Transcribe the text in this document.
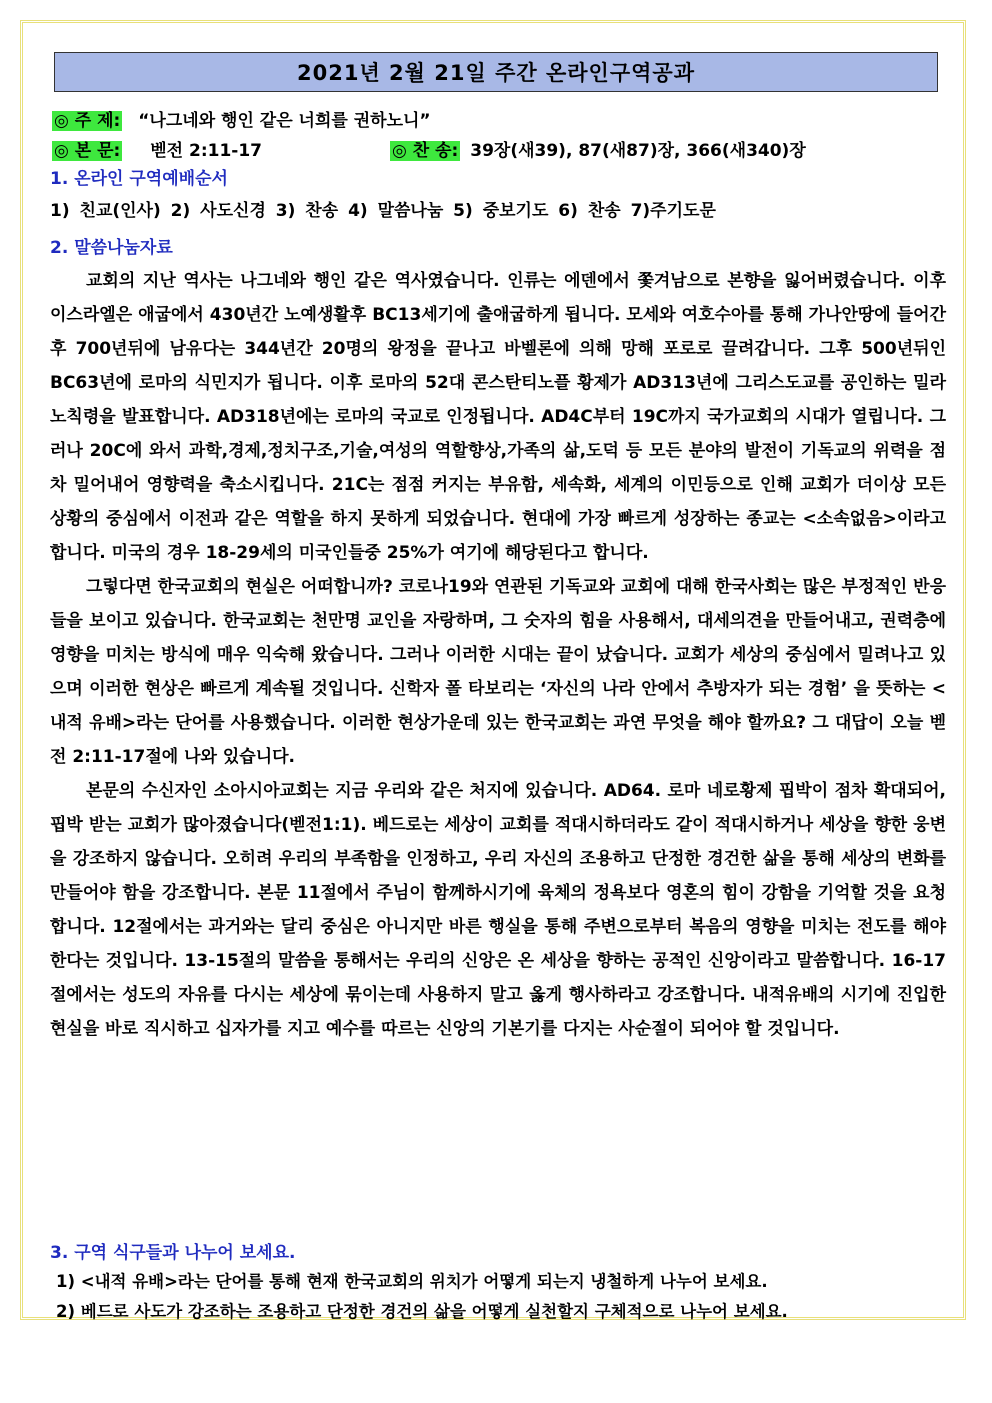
2021년 2월 21일 주간 온라인구역공과
◎ 주 제: “나그네와 행인 같은 너희를 권하노니”
◎ 본 문: 벧전 2:11-17	◎ 찬 송: 39장(새39), 87(새87)장, 366(새340)장
1. 온라인 구역예배순서
1) 친교(인사) 2) 사도신경 3) 찬송 4) 말씀나눔 5) 중보기도 6) 찬송 7)주기도문
2. 말씀나눔자료

교회의 지난 역사는 나그네와 행인 같은 역사였습니다. 인류는 에덴에서 쫓겨남으로 본향을 잃어버렸습니다. 이후 이스라엘은 애굽에서 430년간 노예생활후 BC13세기에 출애굽하게 됩니다. 모세와 여호수아를 통해 가나안땅에 들어간 후 700년뒤에 남유다는 344년간 20명의 왕정을 끝나고 바벨론에 의해 망해 포로로 끌려갑니다. 그후 500년뒤인 BC63년에 로마의 식민지가 됩니다. 이후 로마의 52대 콘스탄티노플 황제가 AD313년에 그리스도교를 공인하는 밀라노칙령을 발표합니다. AD318년에는 로마의 국교로 인정됩니다. AD4C부터 19C까지 국가교회의 시대가 열립니다. 그러나 20C에 와서 과학,경제,정치구조,기술,여성의 역할향상,가족의 삶,도덕 등 모든 분야의 발전이 기독교의 위력을 점차 밀어내어 영향력을 축소시킵니다. 21C는 점점 커지는 부유함, 세속화, 세계의 이민등으로 인해 교회가 더이상 모든 상황의 중심에서 이전과 같은 역할을 하지 못하게 되었습니다. 현대에 가장 빠르게 성장하는 종교는 <소속없음>이라고 합니다. 미국의 경우 18-29세의 미국인들중 25%가 여기에 해당된다고 합니다.

그렇다면 한국교회의 현실은 어떠합니까? 코로나19와 연관된 기독교와 교회에 대해 한국사회는 많은 부정적인 반응들을 보이고 있습니다. 한국교회는 천만명 교인을 자랑하며, 그 숫자의 힘을 사용해서, 대세의견을 만들어내고, 권력층에 영향을 미치는 방식에 매우 익숙해 왔습니다. 그러나 이러한 시대는 끝이 났습니다. 교회가 세상의 중심에서 밀려나고 있으며 이러한 현상은 빠르게 계속될 것입니다. 신학자 폴 타보리는 ‘자신의 나라 안에서 추방자가 되는 경험’ 을 뜻하는 <내적 유배>라는 단어를 사용했습니다. 이러한 현상가운데 있는 한국교회는 과연 무엇을 해야 할까요? 그 대답이 오늘 벧전 2:11-17절에 나와 있습니다.

본문의 수신자인 소아시아교회는 지금 우리와 같은 처지에 있습니다. AD64. 로마 네로황제 핍박이 점차 확대되어, 핍박 받는 교회가 많아졌습니다(벧전1:1). 베드로는 세상이 교회를 적대시하더라도 같이 적대시하거나 세상을 향한 웅변을 강조하지 않습니다. 오히려 우리의 부족함을 인정하고, 우리 자신의 조용하고 단정한 경건한 삶을 통해 세상의 변화를 만들어야 함을 강조합니다. 본문 11절에서 주님이 함께하시기에 육체의 정욕보다 영혼의 힘이 강함을 기억할 것을 요청합니다. 12절에서는 과거와는 달리 중심은 아니지만 바른 행실을 통해 주변으로부터 복음의 영향을 미치는 전도를 해야 한다는 것입니다. 13-15절의 말씀을 통해서는 우리의 신앙은 온 세상을 향하는 공적인 신앙이라고 말씀합니다. 16-17절에서는 성도의 자유를 다시는 세상에 묶이는데 사용하지 말고 옳게 행사하라고 강조합니다. 내적유배의 시기에 진입한 현실을 바로 직시하고 십자가를 지고 예수를 따르는 신앙의 기본기를 다지는 사순절이 되어야 할 것입니다.

3. 구역 식구들과 나누어 보세요.
1) <내적 유배>라는 단어를 통해 현재 한국교회의 위치가 어떻게 되는지 냉철하게 나누어 보세요.
2) 베드로 사도가 강조하는 조용하고 단정한 경건의 삶을 어떻게 실천할지 구체적으로 나누어 보세요.
